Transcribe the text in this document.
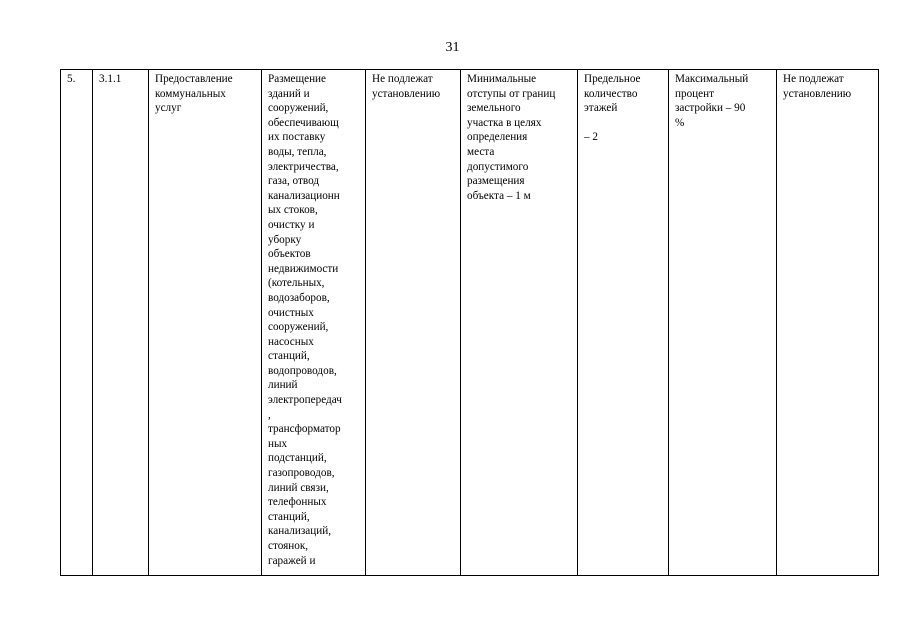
31
5.	3.1.1	Предоставление
коммунальных
услуг	Размещение
зданий и
сооружений,
обеспечивающ
их поставку
воды, тепла,
электричества,
газа, отвод
канализационн
ых стоков,
очистку и
уборку
объектов
недвижимости
(котельных,
водозаборов,
очистных
сооружений,
насосных
станций,
водопроводов,
линий
электропередач
,
трансформатор
ных
подстанций,
газопроводов,
линий связи,
телефонных
станций,
канализаций,
стоянок,
гаражей и	Не подлежат
установлению	Минимальные
отступы от границ
земельного
участка в целях
определения
места
допустимого
размещения
объекта – 1 м	Предельное
количество
этажей

– 2	Максимальный
процент
застройки – 90
%	Не подлежат
установлению
